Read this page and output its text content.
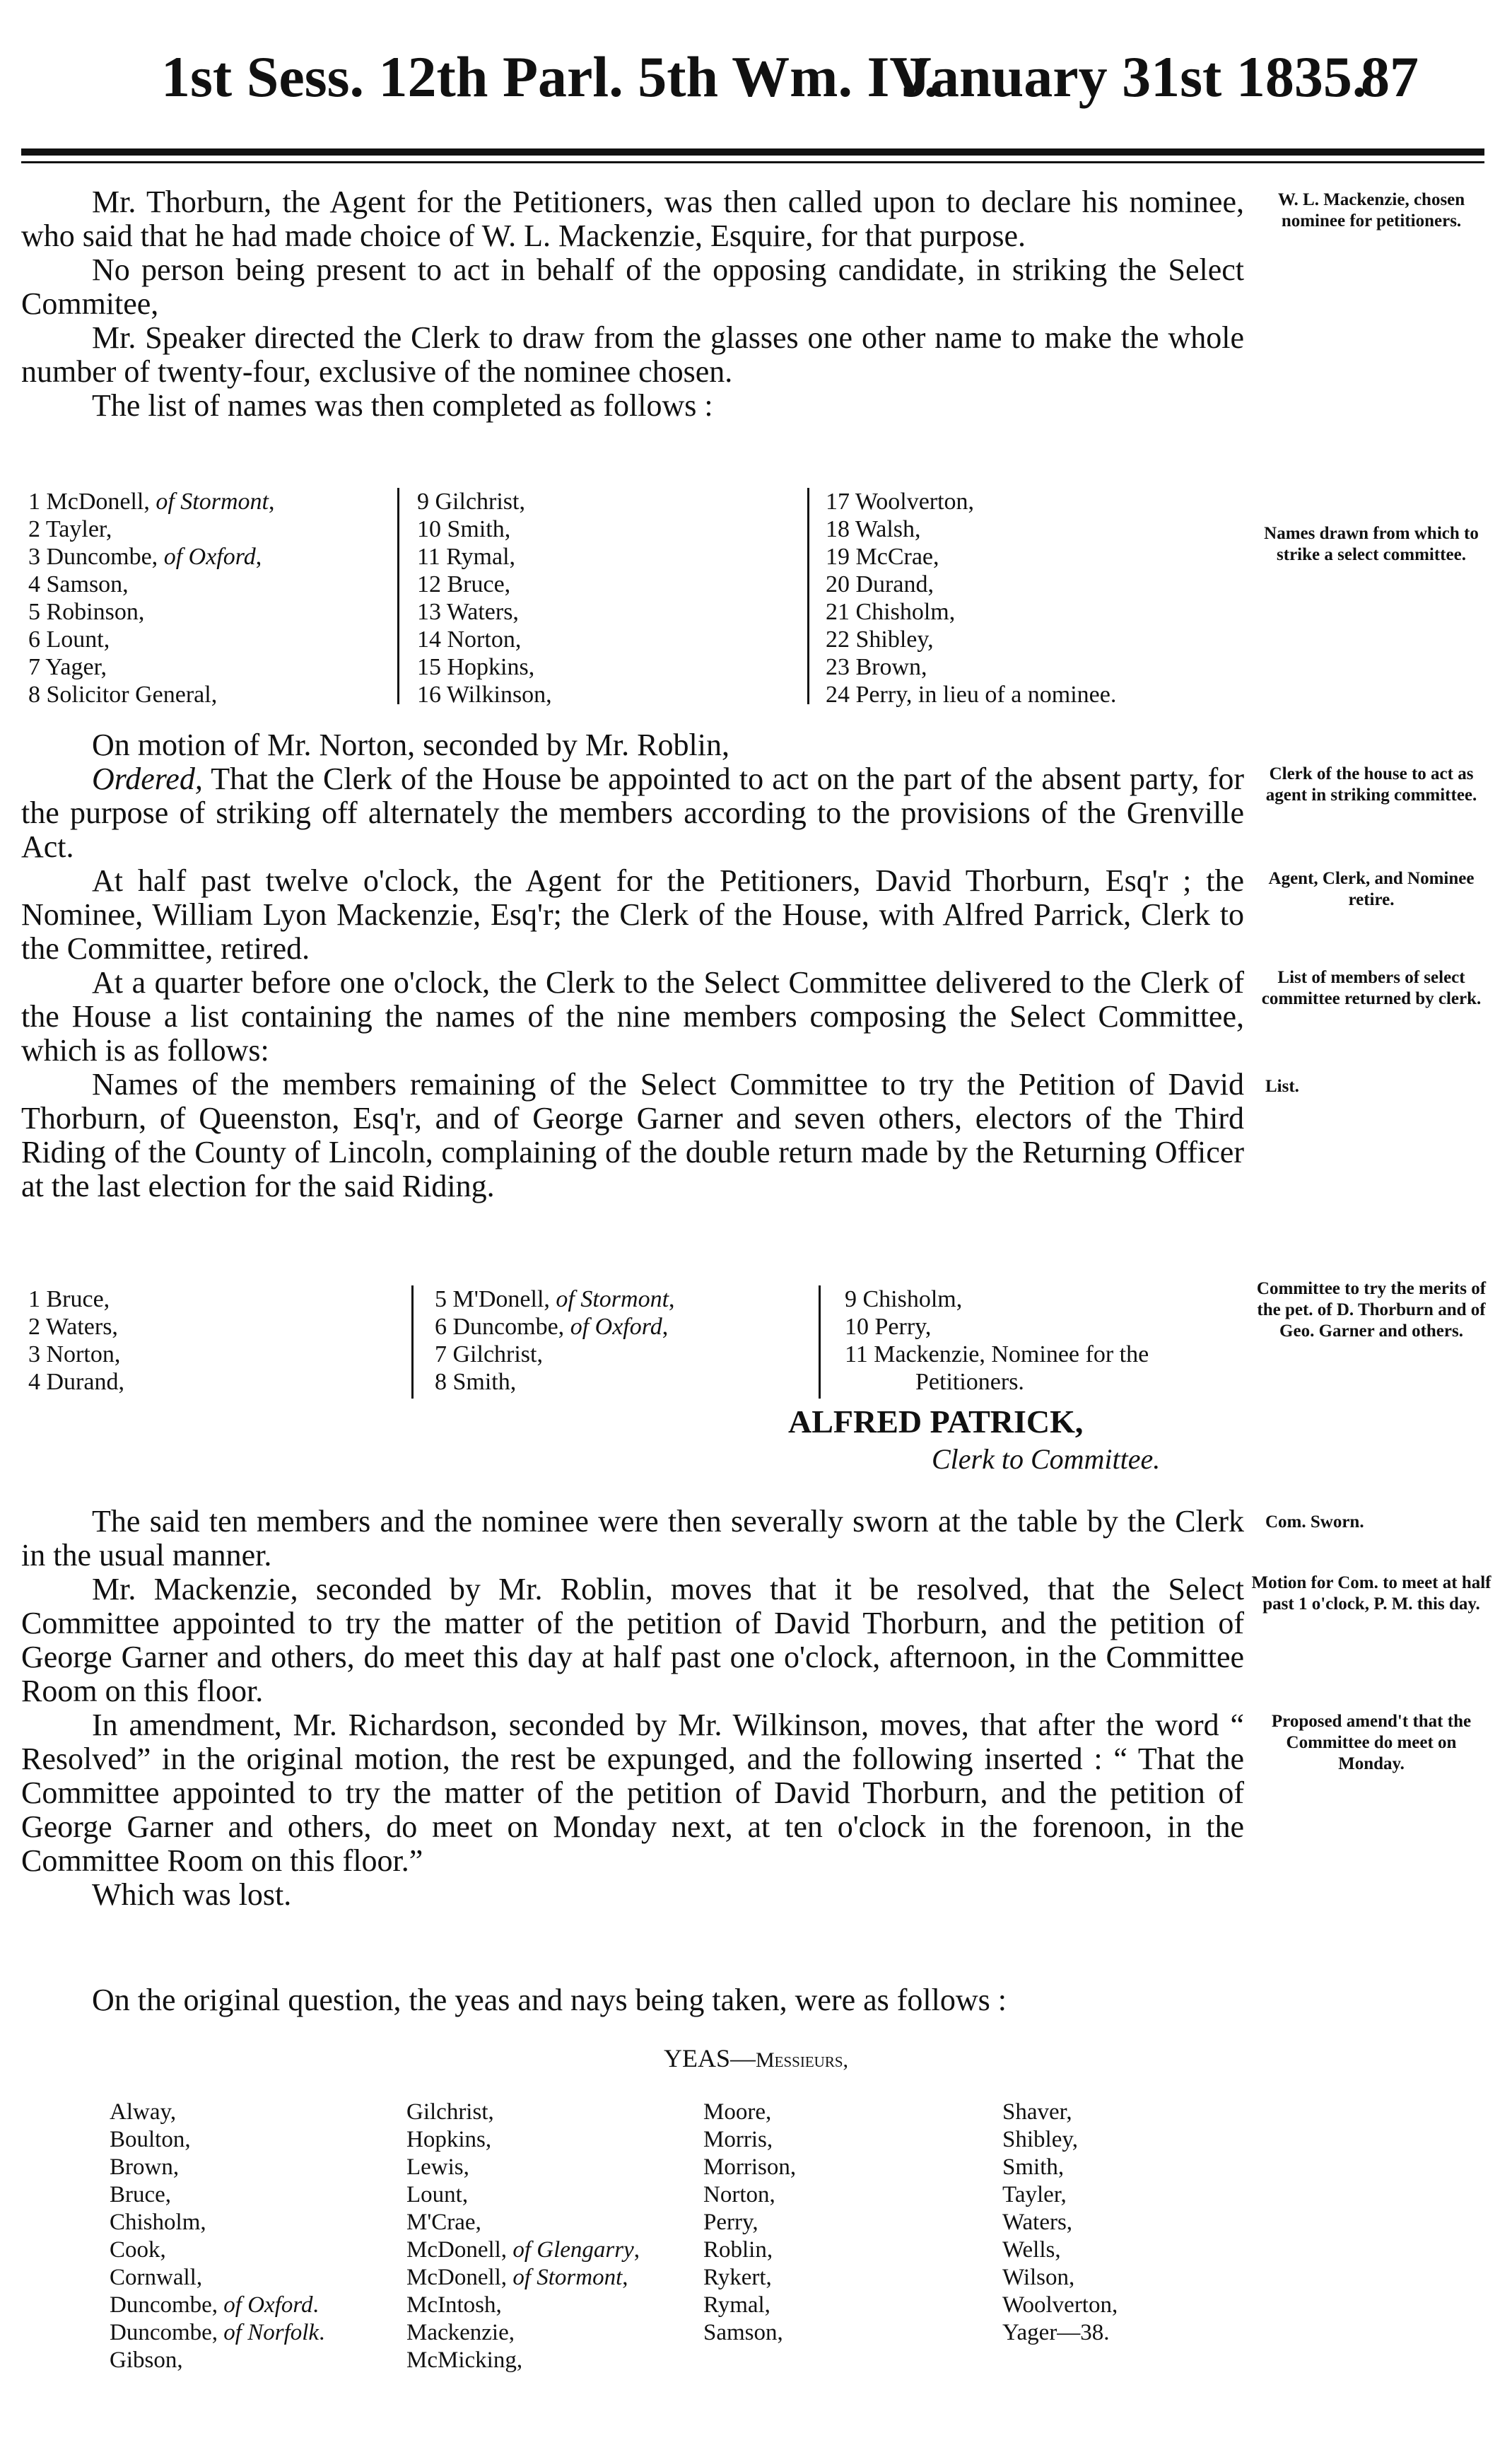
1st Sess. 12th Parl. 5th Wm. IV.
January 31st 1835.
87

Mr. Thorburn, the Agent for the Petitioners, was then called upon to declare his nominee, who said that he had made choice of W. L. Mackenzie, Esquire, for that purpose.

No person being present to act in behalf of the opposing candidate, in striking the Select Commitee,

Mr. Speaker directed the Clerk to draw from the glasses one other name to make the whole number of twenty-four, exclusive of the nominee chosen.

The list of names was then completed as follows :

W. L. Mackenzie, chosen nominee for petitioners.
1 McDonell, of Stormont,
2 Tayler,
3 Duncombe, of Oxford,
4 Samson,
5 Robinson,
6 Lount,
7 Yager,
8 Solicitor General,
9 Gilchrist,
10 Smith,
11 Rymal,
12 Bruce,
13 Waters,
14 Norton,
15 Hopkins,
16 Wilkinson,
17 Woolverton,
18 Walsh,
19 McCrae,
20 Durand,
21 Chisholm,
22 Shibley,
23 Brown,
24 Perry, in lieu of a nominee.
Names drawn from which to strike a select committee.

On motion of Mr. Norton, seconded by Mr. Roblin,

Ordered, That the Clerk of the House be appointed to act on the part of the absent party, for the purpose of striking off alternately the members according to the provisions of the Grenville Act.

At half past twelve o'clock, the Agent for the Petitioners, David Thorburn, Esq'r ; the Nominee, William Lyon Mackenzie, Esq'r; the Clerk of the House, with Alfred Parrick, Clerk to the Committee, retired.

At a quarter before one o'clock, the Clerk to the Select Committee delivered to the Clerk of the House a list containing the names of the nine members composing the Select Committee, which is as follows:

Names of the members remaining of the Select Committee to try the Petition of David Thorburn, of Queenston, Esq'r, and of George Garner and seven others, electors of the Third Riding of the County of Lincoln, complaining of the double return made by the Returning Officer at the last election for the said Riding.

Clerk of the house to act as agent in striking committee.
Agent, Clerk, and Nominee retire.
List of members of select committee returned by clerk.
List.
1 Bruce,
2 Waters,
3 Norton,
4 Durand,
5 M'Donell, of Stormont,
6 Duncombe, of Oxford,
7 Gilchrist,
8 Smith,
9 Chisholm,
10 Perry,
11 Mackenzie, Nominee for the
Petitioners.
Committee to try the merits of the pet. of D. Thorburn and of Geo. Garner and others.
ALFRED PATRICK,
Clerk to Committee.

The said ten members and the nominee were then severally sworn at the table by the Clerk in the usual manner.

Mr. Mackenzie, seconded by Mr. Roblin, moves that it be resolved, that the Select Committee appointed to try the matter of the petition of David Thorburn, and the petition of George Garner and others, do meet this day at half past one o'clock, afternoon, in the Committee Room on this floor.

In amendment, Mr. Richardson, seconded by Mr. Wilkinson, moves, that after the word “ Resolved” in the original motion, the rest be expunged, and the following inserted : “ That the Committee appointed to try the matter of the petition of David Thorburn, and the petition of George Garner and others, do meet on Monday next, at ten o'clock in the forenoon, in the Committee Room on this floor.”

Which was lost.

Com. Sworn.
Motion for Com. to meet at half past 1 o'clock, P. M. this day.
Proposed amend't that the Committee do meet on Monday.

On the original question, the yeas and nays being taken, were as follows :

YEAS—Messieurs,
Alway,
Boulton,
Brown,
Bruce,
Chisholm,
Cook,
Cornwall,
Duncombe, of Oxford.
Duncombe, of Norfolk.
Gibson,
Gilchrist,
Hopkins,
Lewis,
Lount,
M'Crae,
McDonell, of Glengarry,
McDonell, of Stormont,
McIntosh,
Mackenzie,
McMicking,
Moore,
Morris,
Morrison,
Norton,
Perry,
Roblin,
Rykert,
Rymal,
Samson,
Shaver,
Shibley,
Smith,
Tayler,
Waters,
Wells,
Wilson,
Woolverton,
Yager—38.
